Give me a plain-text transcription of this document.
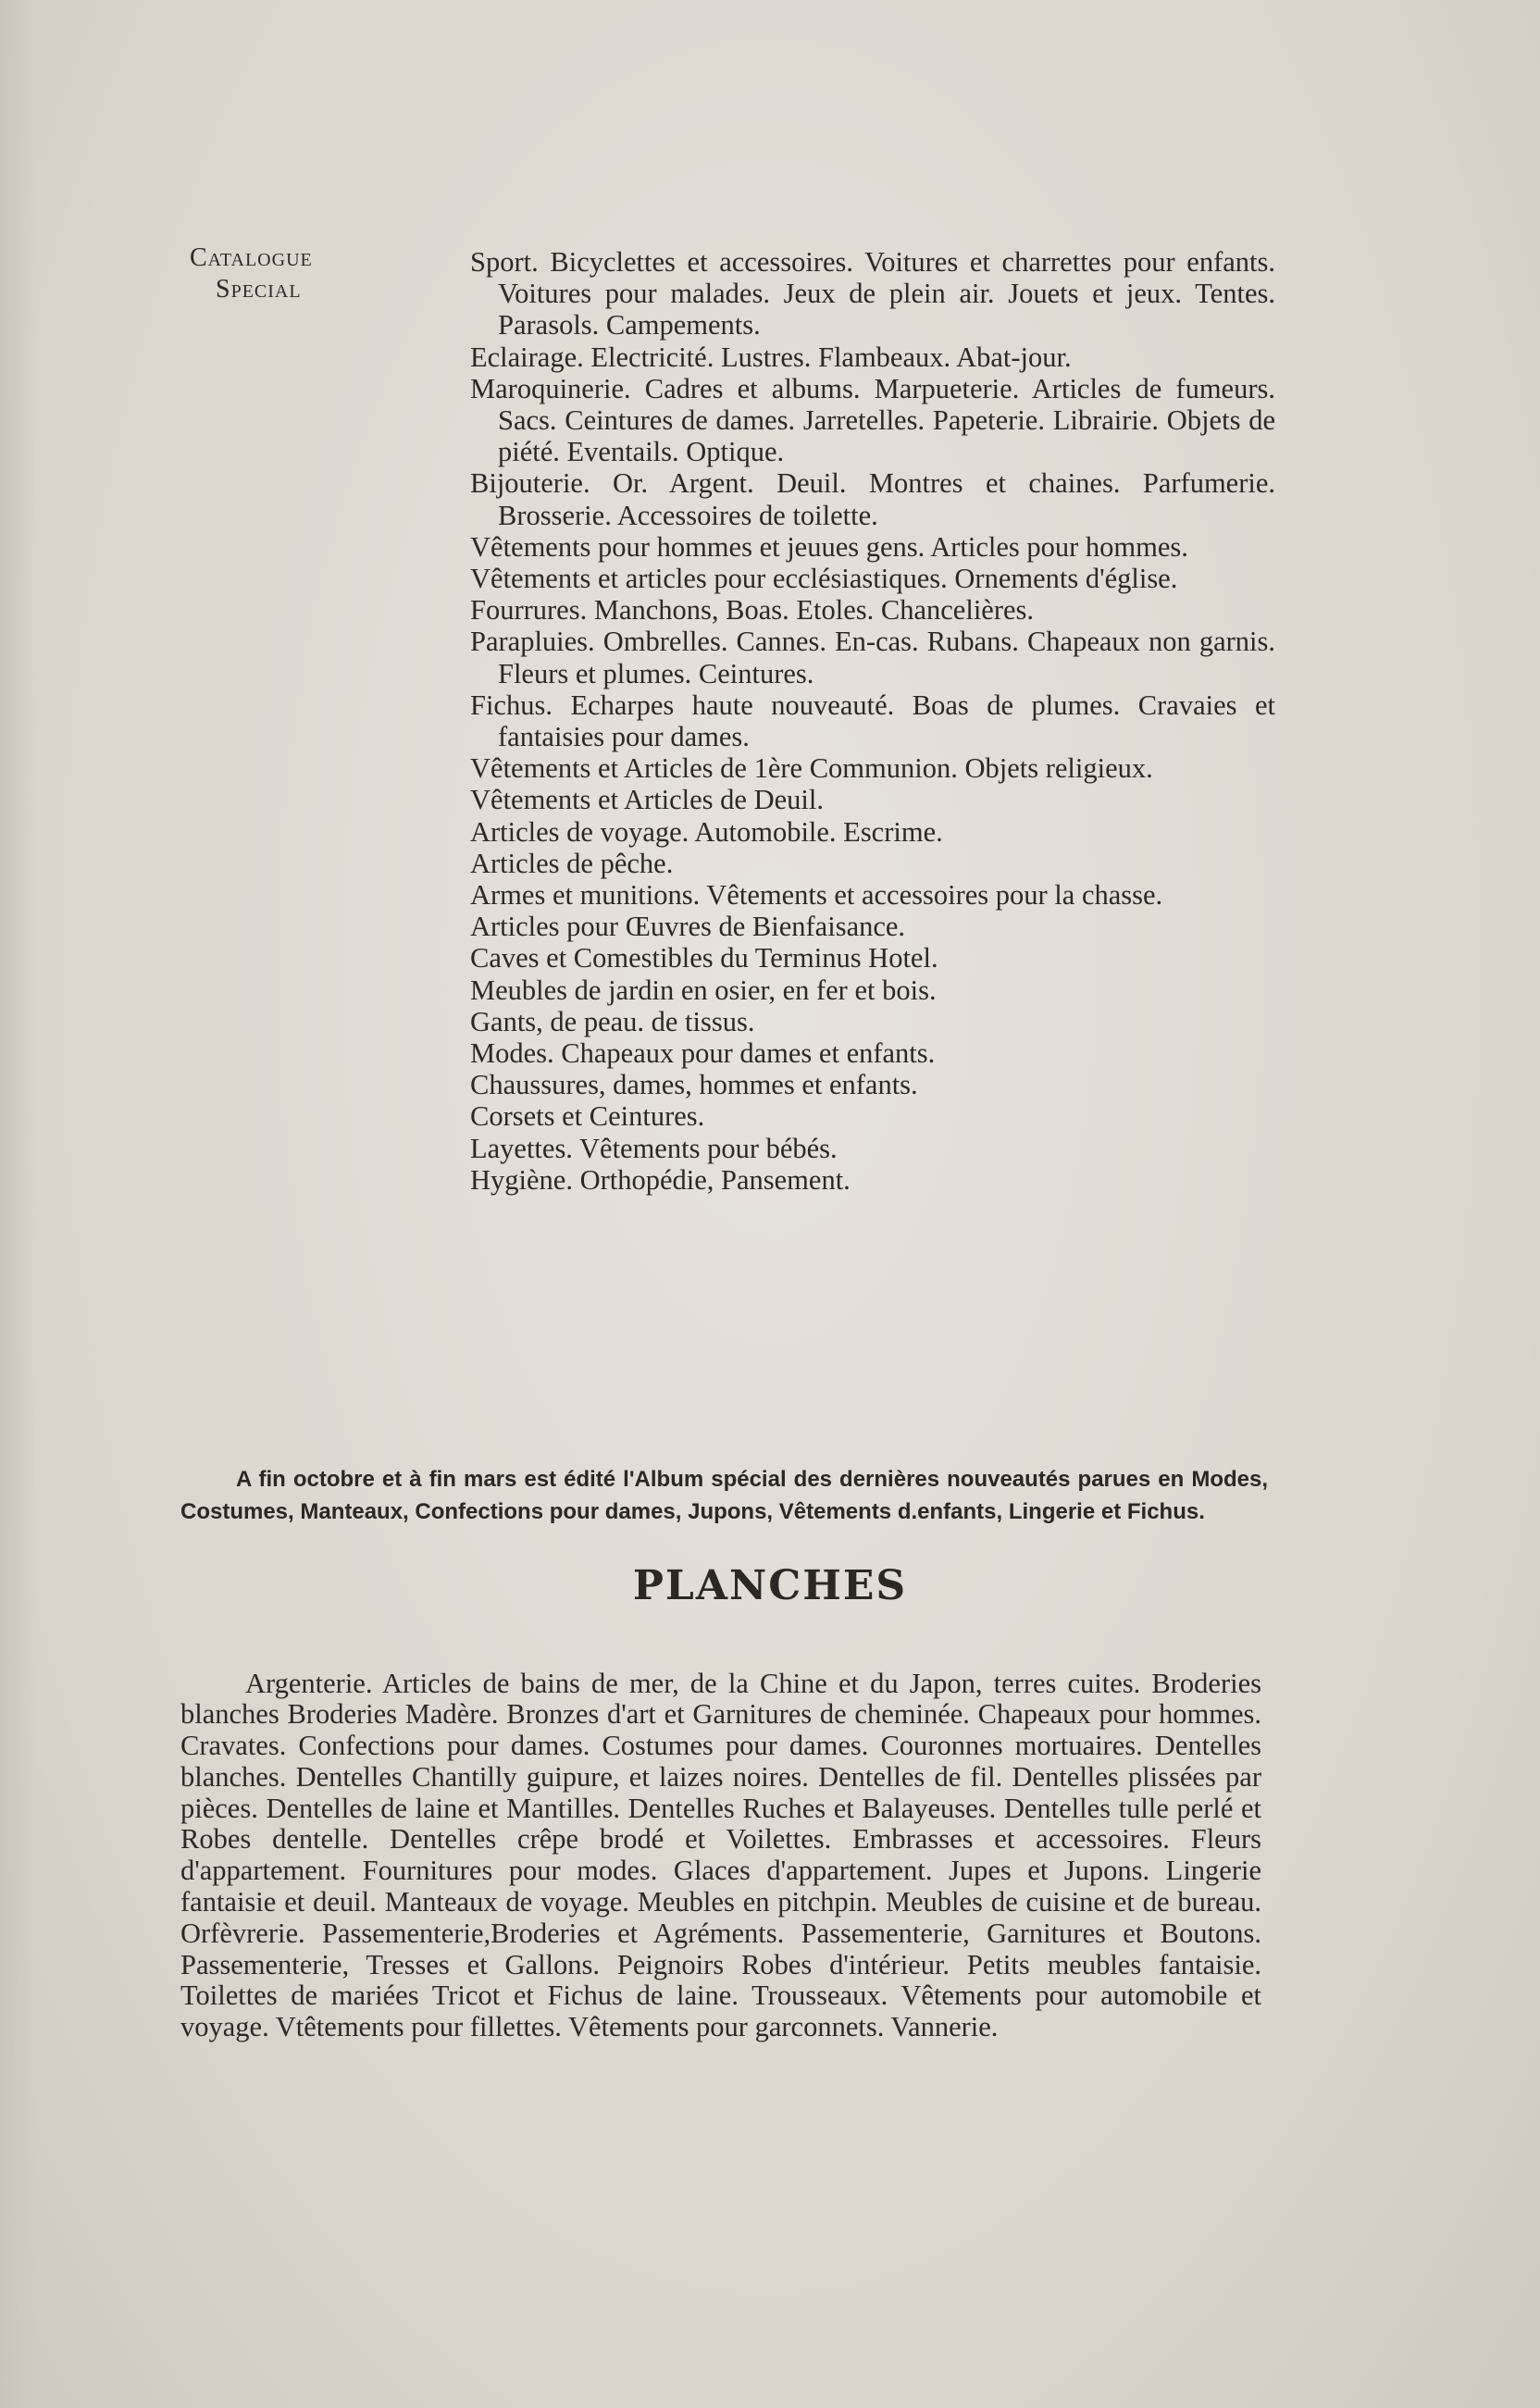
Catalogue
Special
Sport. Bicyclettes et accessoires. Voitures et charrettes pour enfants. Voitures pour malades. Jeux de plein air. Jouets et jeux. Tentes. Parasols. Campements.
Eclairage. Electricité. Lustres. Flambeaux. Abat-jour.
Maroquinerie. Cadres et albums. Marpueterie. Articles de fumeurs. Sacs. Ceintures de dames. Jarretelles. Papeterie. Librairie. Objets de piété. Eventails. Optique.
Bijouterie. Or. Argent. Deuil. Montres et chaines. Parfumerie. Brosserie. Accessoires de toilette.
Vêtements pour hommes et jeuues gens. Articles pour hommes.
Vêtements et articles pour ecclésiastiques. Ornements d'église.
Fourrures. Manchons, Boas. Etoles. Chancelières.
Parapluies. Ombrelles. Cannes. En-cas. Rubans. Chapeaux non garnis. Fleurs et plumes. Ceintures.
Fichus. Echarpes haute nouveauté. Boas de plumes. Cravaies et fantaisies pour dames.
Vêtements et Articles de 1ère Communion. Objets religieux.
Vêtements et Articles de Deuil.
Articles de voyage. Automobile. Escrime.
Articles de pêche.
Armes et munitions. Vêtements et accessoires pour la chasse.
Articles pour Œuvres de Bienfaisance.
Caves et Comestibles du Terminus Hotel.
Meubles de jardin en osier, en fer et bois.
Gants, de peau. de tissus.
Modes. Chapeaux pour dames et enfants.
Chaussures, dames, hommes et enfants.
Corsets et Ceintures.
Layettes. Vêtements pour bébés.
Hygiène. Orthopédie, Pansement.

A fin octobre et à fin mars est édité l'Album spécial des dernières nouveautés parues en Modes, Costumes, Manteaux, Confections pour dames, Jupons, Vêtements d.enfants, Lingerie et Fichus.

PLANCHES

Argenterie. Articles de bains de mer, de la Chine et du Japon, terres cuites. Broderies blanches Broderies Madère. Bronzes d'art et Garnitures de cheminée. Chapeaux pour hommes. Cravates. Confections pour dames. Costumes pour dames. Couronnes mortuaires. Dentelles blanches. Dentelles Chantilly guipure, et laizes noires. Dentelles de fil. Dentelles plissées par pièces. Dentelles de laine et Mantilles. Dentelles Ruches et Balayeuses. Dentelles tulle perlé et Robes dentelle. Dentelles crêpe brodé et Voilettes. Embrasses et accessoires. Fleurs d'appartement. Fournitures pour modes. Glaces d'appartement. Jupes et Jupons. Lingerie fantaisie et deuil. Manteaux de voyage. Meubles en pitchpin. Meubles de cuisine et de bureau. Orfèvrerie. Passementerie,Broderies et Agréments. Passementerie, Garnitures et Boutons. Passementerie, Tresses et Gallons. Peignoirs Robes d'intérieur. Petits meubles fantaisie. Toilettes de mariées Tricot et Fichus de laine. Trousseaux. Vêtements pour automobile et voyage. Vtêtements pour fillettes. Vêtements pour garconnets. Vannerie.
